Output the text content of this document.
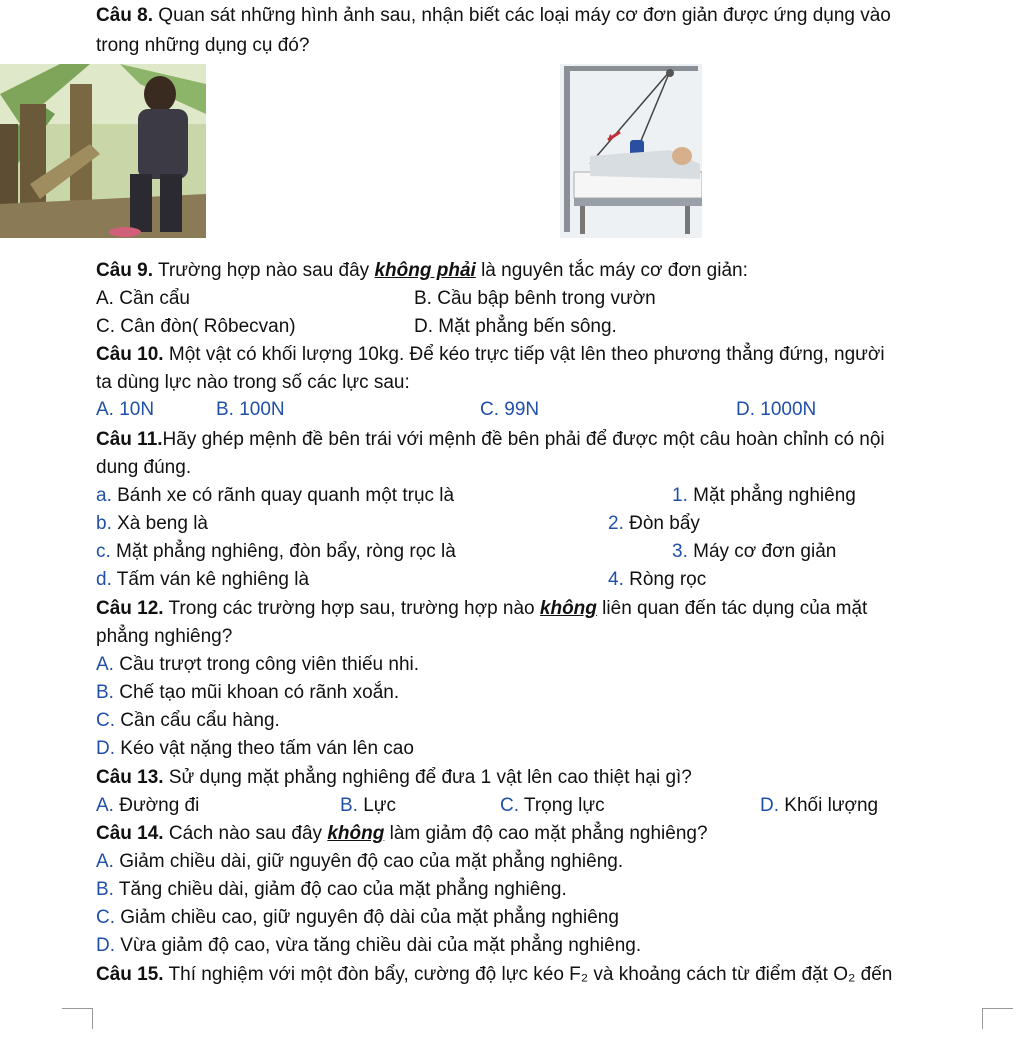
Câu 8. Quan sát những hình ảnh sau, nhận biết các loại máy cơ đơn giản được ứng dụng vào
trong những dụng cụ đó?
Câu 9. Trường hợp nào sau đây không phải là nguyên tắc máy cơ đơn giản:
A. Cần cẩu	B. Cầu bập bênh trong vườn
C. Cân đòn( Rôbecvan)	D. Mặt phẳng bến sông.
Câu 10. Một vật có khối lượng 10kg. Để kéo trực tiếp vật lên theo phương thẳng đứng, người
ta dùng lực nào trong số các lực sau:
A. 10N	B. 100N	C. 99N	D. 1000N
Câu 11.Hãy ghép mệnh đề bên trái với mệnh đề bên phải để được một câu hoàn chỉnh có nội
dung đúng.
a. Bánh xe có rãnh quay quanh một trục là	1. Mặt phẳng nghiêng
b. Xà beng là	2. Đòn bẩy
c. Mặt phẳng nghiêng, đòn bẩy, ròng rọc là	3. Máy cơ đơn giản
d. Tấm ván kê nghiêng là	4. Ròng rọc
Câu 12. Trong các trường hợp sau, trường hợp nào không liên quan đến tác dụng của mặt
phẳng nghiêng?
A. Cầu trượt trong công viên thiếu nhi.
B. Chế tạo mũi khoan có rãnh xoắn.
C. Cần cẩu cẩu hàng.
D. Kéo vật nặng theo tấm ván lên cao
Câu 13. Sử dụng mặt phẳng nghiêng để đưa 1 vật lên cao thiệt hại gì?
A. Đường đi	B. Lực	C. Trọng lực	D. Khối lượng
Câu 14. Cách nào sau đây không làm giảm độ cao mặt phẳng nghiêng?
A. Giảm chiều dài, giữ nguyên độ cao của mặt phẳng nghiêng.
B. Tăng chiều dài, giảm độ cao của mặt phẳng nghiêng.
C. Giảm chiều cao, giữ nguyên độ dài của mặt phẳng nghiêng
D. Vừa giảm độ cao, vừa tăng chiều dài của mặt phẳng nghiêng.
Câu 15. Thí nghiệm với một đòn bẩy, cường độ lực kéo F₂ và khoảng cách từ điểm đặt O₂ đến
